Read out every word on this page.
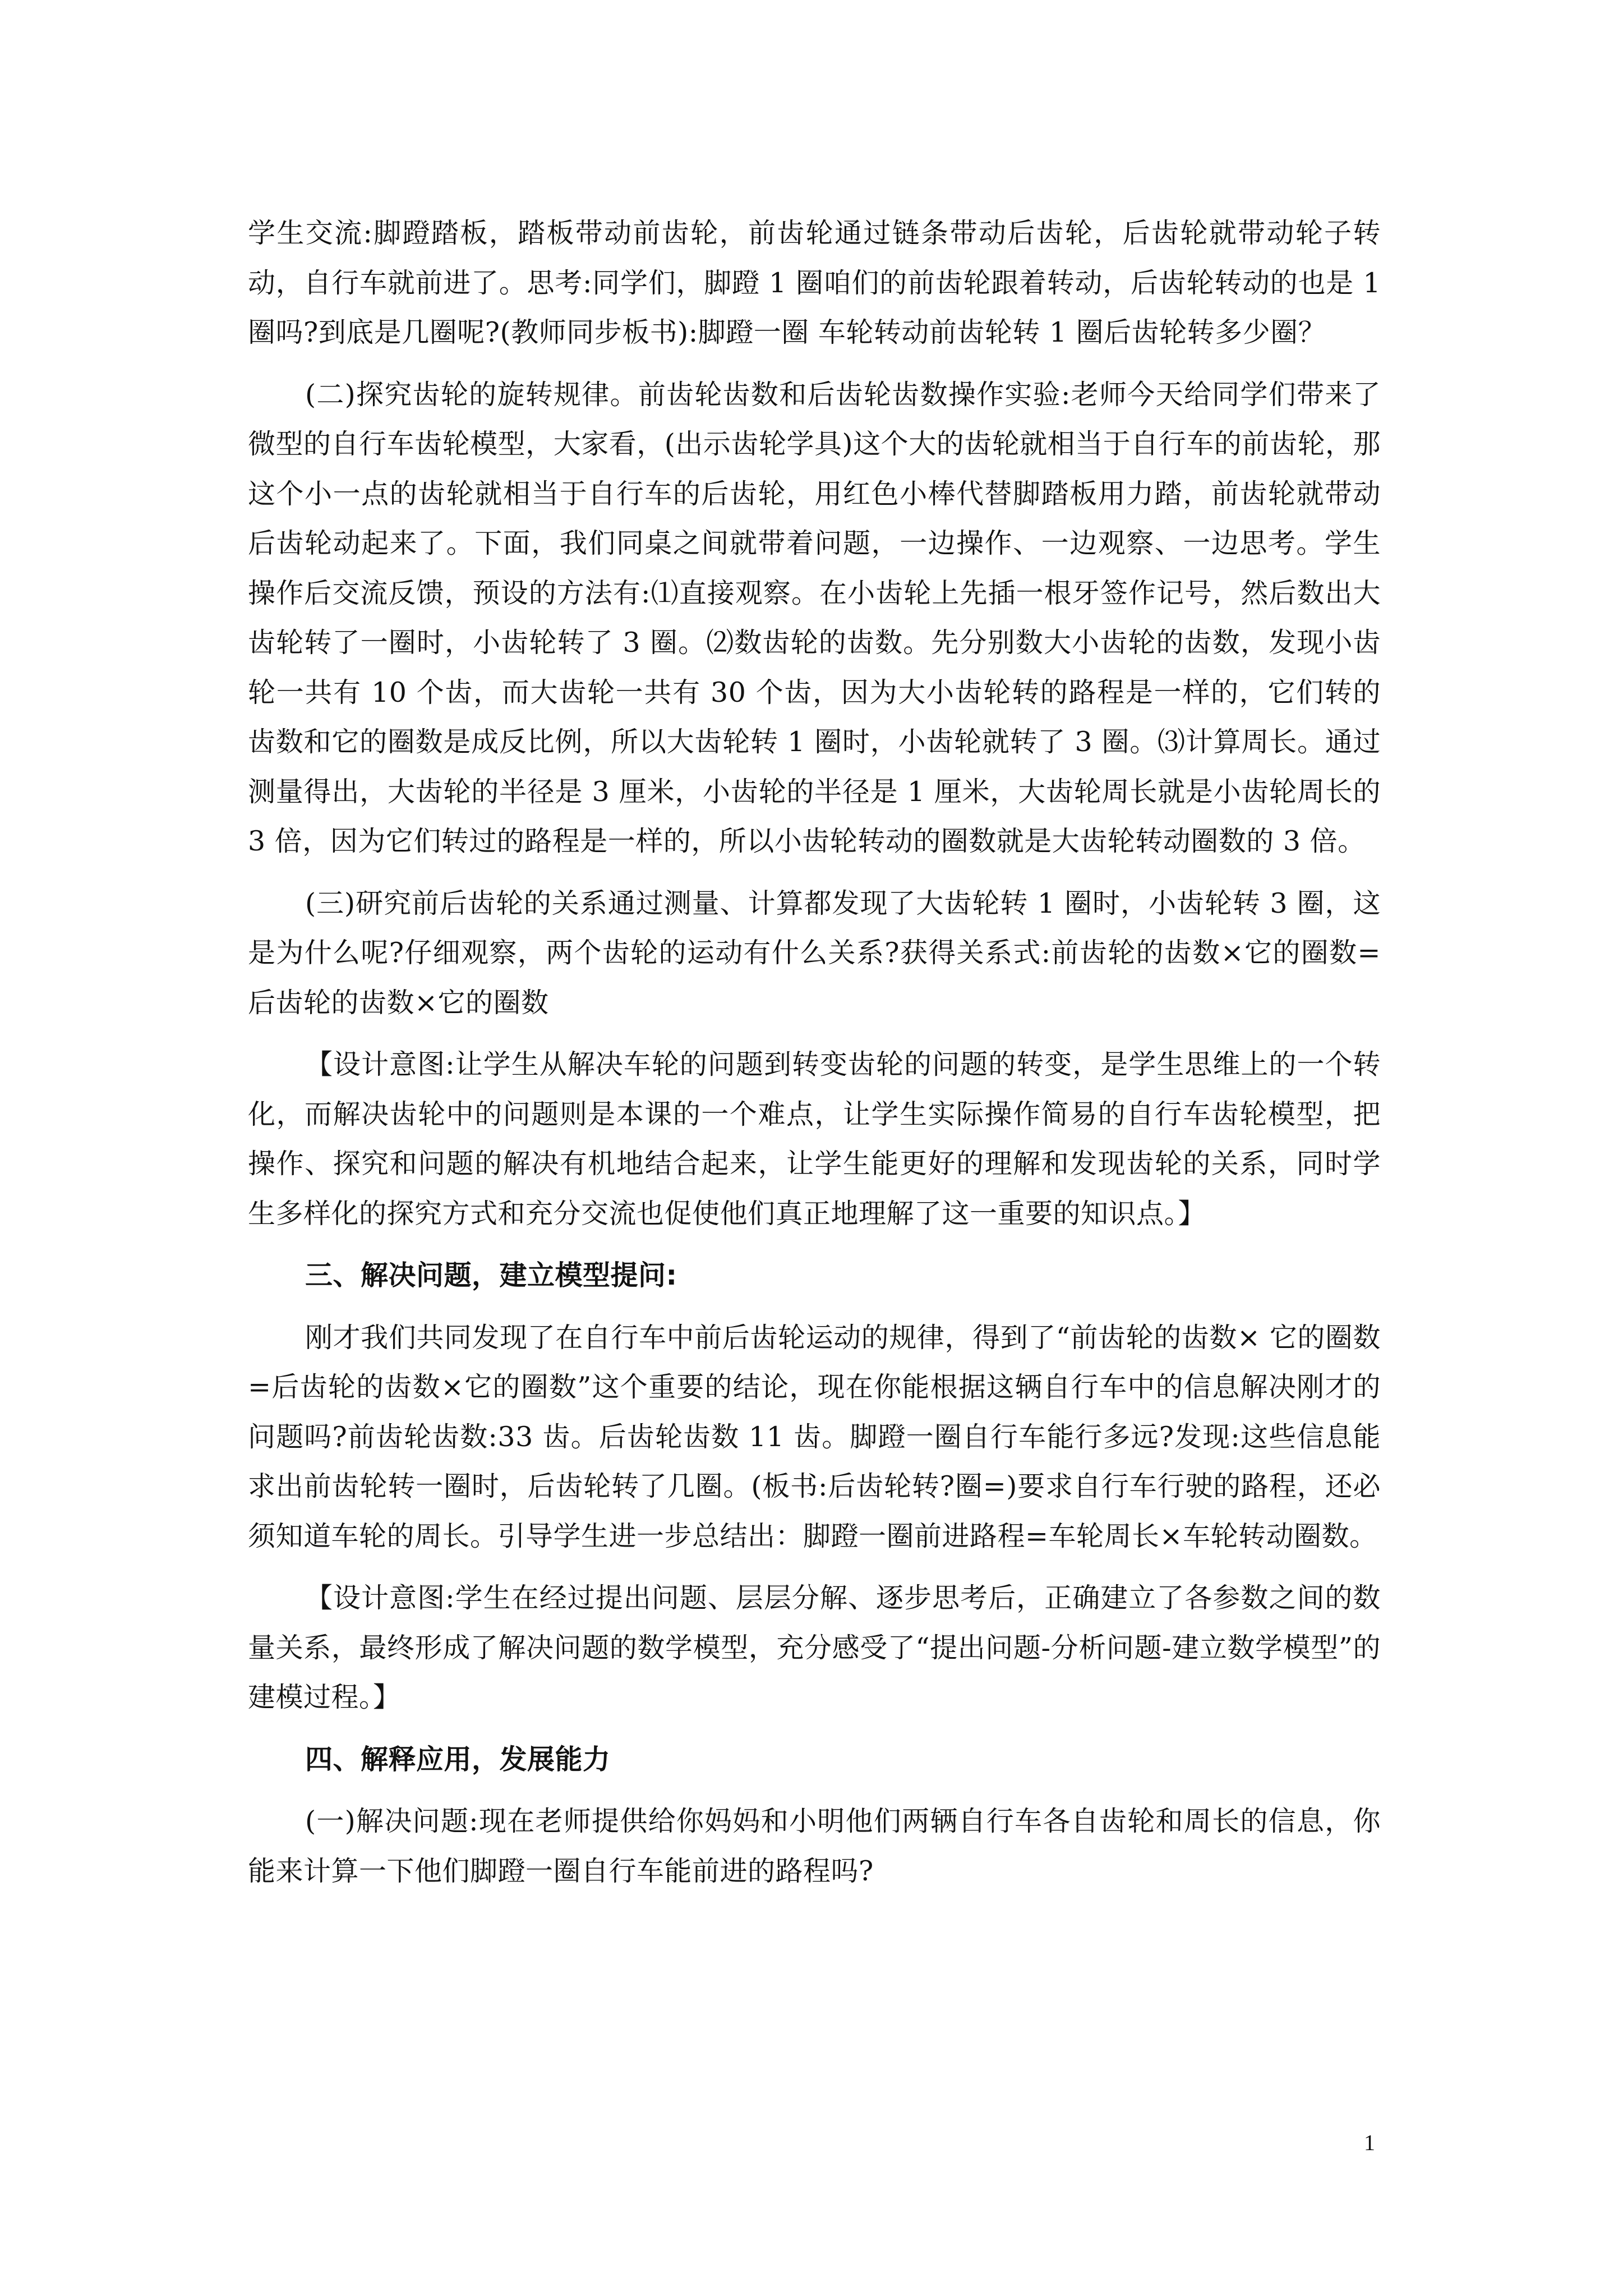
学生交流:脚蹬踏板，踏板带动前齿轮，前齿轮通过链条带动后齿轮，后齿轮就带动轮子转动，自行车就前进了。思考:同学们，脚蹬 1 圈咱们的前齿轮跟着转动，后齿轮转动的也是 1 圈吗?到底是几圈呢?(教师同步板书):脚蹬一圈 车轮转动前齿轮转 1 圈后齿轮转多少圈？

(二)探究齿轮的旋转规律。前齿轮齿数和后齿轮齿数操作实验:老师今天给同学们带来了微型的自行车齿轮模型，大家看，(出示齿轮学具)这个大的齿轮就相当于自行车的前齿轮，那这个小一点的齿轮就相当于自行车的后齿轮，用红色小棒代替脚踏板用力踏，前齿轮就带动后齿轮动起来了。下面，我们同桌之间就带着问题，一边操作、一边观察、一边思考。学生操作后交流反馈，预设的方法有:⑴直接观察。在小齿轮上先插一根牙签作记号，然后数出大齿轮转了一圈时，小齿轮转了 3 圈。⑵数齿轮的齿数。先分别数大小齿轮的齿数，发现小齿轮一共有 10 个齿，而大齿轮一共有 30 个齿，因为大小齿轮转的路程是一样的，它们转的齿数和它的圈数是成反比例，所以大齿轮转 1 圈时，小齿轮就转了 3 圈。⑶计算周长。通过测量得出，大齿轮的半径是 3 厘米，小齿轮的半径是 1 厘米，大齿轮周长就是小齿轮周长的 3 倍，因为它们转过的路程是一样的，所以小齿轮转动的圈数就是大齿轮转动圈数的 3 倍。

(三)研究前后齿轮的关系通过测量、计算都发现了大齿轮转 1 圈时，小齿轮转 3 圈，这是为什么呢?仔细观察，两个齿轮的运动有什么关系?获得关系式:前齿轮的齿数×它的圈数=后齿轮的齿数×它的圈数

【设计意图:让学生从解决车轮的问题到转变齿轮的问题的转变，是学生思维上的一个转化，而解决齿轮中的问题则是本课的一个难点，让学生实际操作简易的自行车齿轮模型，把操作、探究和问题的解决有机地结合起来，让学生能更好的理解和发现齿轮的关系，同时学生多样化的探究方式和充分交流也促使他们真正地理解了这一重要的知识点。】

三、解决问题，建立模型提问:

刚才我们共同发现了在自行车中前后齿轮运动的规律，得到了“前齿轮的齿数× 它的圈数=后齿轮的齿数×它的圈数”这个重要的结论，现在你能根据这辆自行车中的信息解决刚才的问题吗?前齿轮齿数:33 齿。后齿轮齿数 11 齿。脚蹬一圈自行车能行多远?发现:这些信息能求出前齿轮转一圈时，后齿轮转了几圈。(板书:后齿轮转?圈=)要求自行车行驶的路程，还必须知道车轮的周长。引导学生进一步总结出：脚蹬一圈前进路程=车轮周长×车轮转动圈数。

【设计意图:学生在经过提出问题、层层分解、逐步思考后，正确建立了各参数之间的数量关系，最终形成了解决问题的数学模型，充分感受了“提出问题-分析问题-建立数学模型”的建模过程。】

四、解释应用，发展能力

(一)解决问题:现在老师提供给你妈妈和小明他们两辆自行车各自齿轮和周长的信息，你能来计算一下他们脚蹬一圈自行车能前进的路程吗?

1
